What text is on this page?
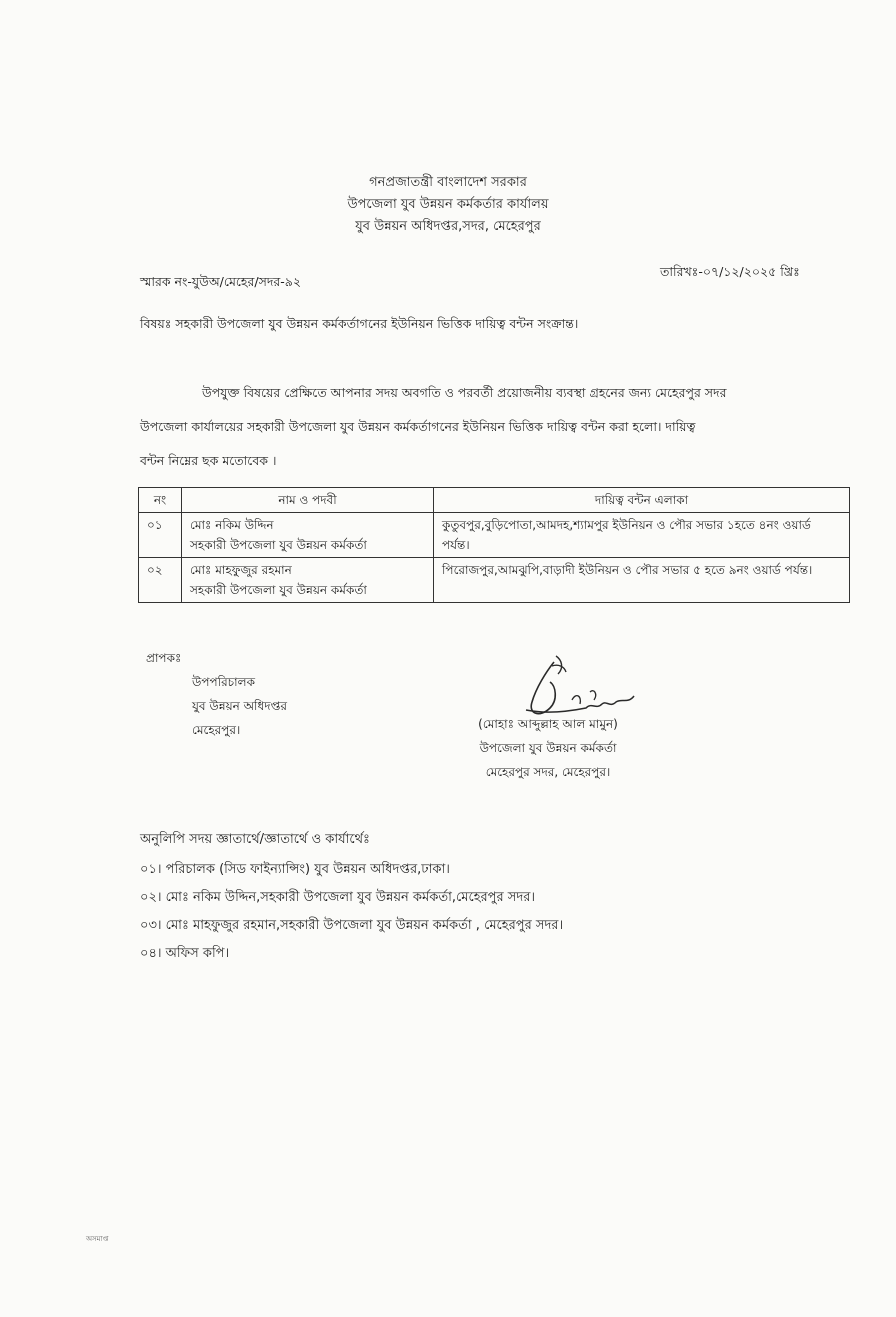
গনপ্রজাতন্ত্রী বাংলাদেশ সরকার
উপজেলা যুব উন্নয়ন কর্মকর্তার কার্যালয়
যুব উন্নয়ন অধিদপ্তর,সদর, মেহেরপুর
স্মারক নং-যুউঅ/মেহের/সদর-৯২
তারিখঃ-০৭/১২/২০২৫ খ্রিঃ
বিষয়ঃ সহকারী উপজেলা যুব উন্নয়ন কর্মকর্তাগনের ইউনিয়ন ভিত্তিক দায়িত্ব বন্টন সংক্রান্ত।
উপযুক্ত বিষয়ের প্রেক্ষিতে আপনার সদয় অবগতি ও পরবর্তী প্রয়োজনীয় ব্যবস্থা গ্রহনের জন্য মেহেরপুর সদর
উপজেলা কার্যালয়ের সহকারী উপজেলা যুব উন্নয়ন কর্মকর্তাগনের ইউনিয়ন ভিত্তিক দায়িত্ব বন্টন করা হলো। দায়িত্ব
বন্টন নিম্নের ছক মতোবেক ।
নং	নাম ও পদবী	দায়িত্ব বন্টন এলাকা
০১	মোঃ নকিম উদ্দিন
সহকারী উপজেলা যুব উন্নয়ন কর্মকর্তা	কুতুবপুর,বুড়িপোতা,আমদহ,শ্যামপুর ইউনিয়ন ও পৌর সভার ১হতে ৪নং ওয়ার্ড পর্যন্ত।
০২	মোঃ মাহফুজুর রহমান
সহকারী উপজেলা যুব উন্নয়ন কর্মকর্তা	পিরোজপুর,আমঝুপি,বাড়াদী ইউনিয়ন ও পৌর সভার ৫ হতে ৯নং ওয়ার্ড পর্যন্ত।
প্রাপকঃ
উপপরিচালক
যুব উন্নয়ন অধিদপ্তর
মেহেরপুর।	(মোহাঃ আব্দুল্লাহ আল মামুন)
উপজেলা যুব উন্নয়ন কর্মকর্তা
মেহেরপুর সদর, মেহেরপুর।
অনুলিপি সদয় জ্ঞাতার্থে/জ্ঞাতার্থে ও কার্যার্থেঃ
০১। পরিচালক (সিড ফাইন্যান্সিং) যুব উন্নয়ন অধিদপ্তর,ঢাকা।
০২। মোঃ নকিম উদ্দিন,সহকারী উপজেলা যুব উন্নয়ন কর্মকর্তা,মেহেরপুর সদর।
০৩। মোঃ মাহফুজুর রহমান,সহকারী উপজেলা যুব উন্নয়ন কর্মকর্তা , মেহেরপুর সদর।
০৪। অফিস কপি।
অসমাপ্ত
